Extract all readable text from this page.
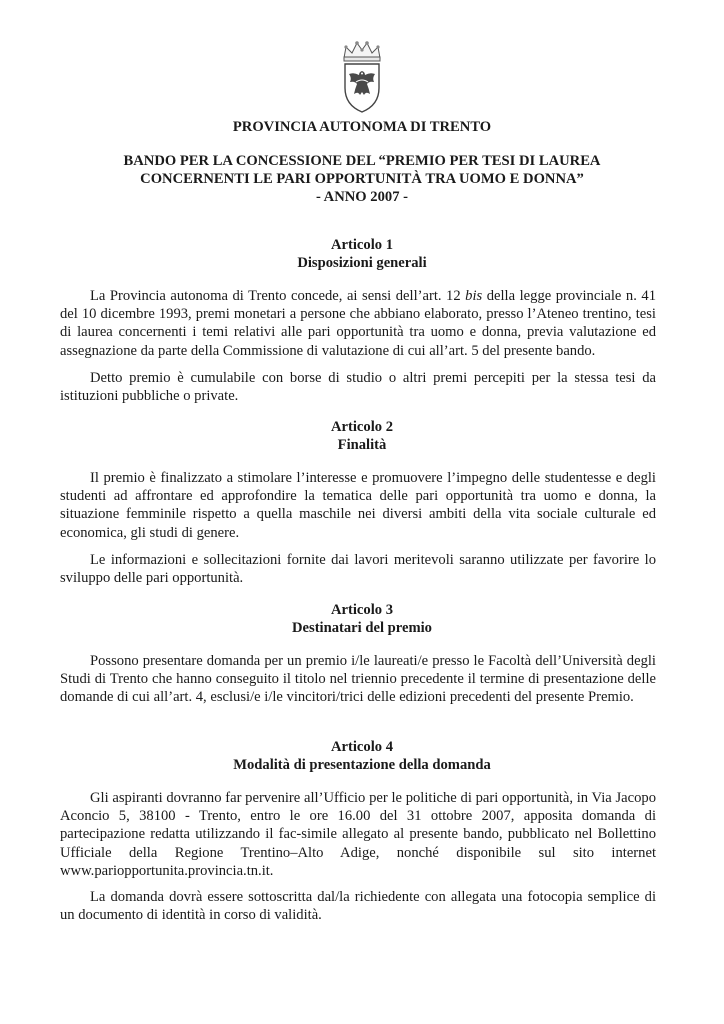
PROVINCIA AUTONOMA DI TRENTO
BANDO PER LA CONCESSIONE DEL “PREMIO PER TESI DI LAUREA
CONCERNENTI LE PARI OPPORTUNITÀ TRA UOMO E DONNA”
- ANNO 2007 -
Articolo 1
Disposizioni generali

La Provincia autonoma di Trento concede, ai sensi dell’art. 12 bis della legge provinciale n. 41 del 10 dicembre 1993, premi monetari a persone che abbiano elaborato, presso l’Ateneo trentino, tesi di laurea concernenti i temi relativi alle pari opportunità tra uomo e donna, previa valutazione ed assegnazione da parte della Commissione di valutazione di cui all’art. 5 del presente bando.

Detto premio è cumulabile con borse di studio o altri premi percepiti per la stessa tesi da istituzioni pubbliche o private.

Articolo 2
Finalità

Il premio è finalizzato a stimolare l’interesse e promuovere l’impegno delle studentesse e degli studenti ad affrontare ed approfondire la tematica delle pari opportunità tra uomo e donna, la situazione femminile rispetto a quella maschile nei diversi ambiti della vita sociale culturale ed economica, gli studi di genere.

Le informazioni e sollecitazioni fornite dai lavori meritevoli saranno utilizzate per favorire lo sviluppo delle pari opportunità.

Articolo 3
Destinatari del premio

Possono presentare domanda per un premio i/le laureati/e presso le Facoltà dell’Università degli Studi di Trento che hanno conseguito il titolo nel triennio precedente il termine di presentazione delle domande di cui all’art. 4, esclusi/e i/le vincitori/trici delle edizioni precedenti del presente Premio.

Articolo 4
Modalità di presentazione della domanda

Gli aspiranti dovranno far pervenire all’Ufficio per le politiche di pari opportunità, in Via Jacopo Aconcio 5, 38100 - Trento, entro le ore 16.00 del 31 ottobre 2007, apposita domanda di partecipazione redatta utilizzando il fac-simile allegato al presente bando, pubblicato nel Bollettino Ufficiale della Regione Trentino–Alto Adige, nonché disponibile sul sito internet www.pariopportunita.provincia.tn.it.

La domanda dovrà essere sottoscritta dal/la richiedente con allegata una fotocopia semplice di un documento di identità in corso di validità.
